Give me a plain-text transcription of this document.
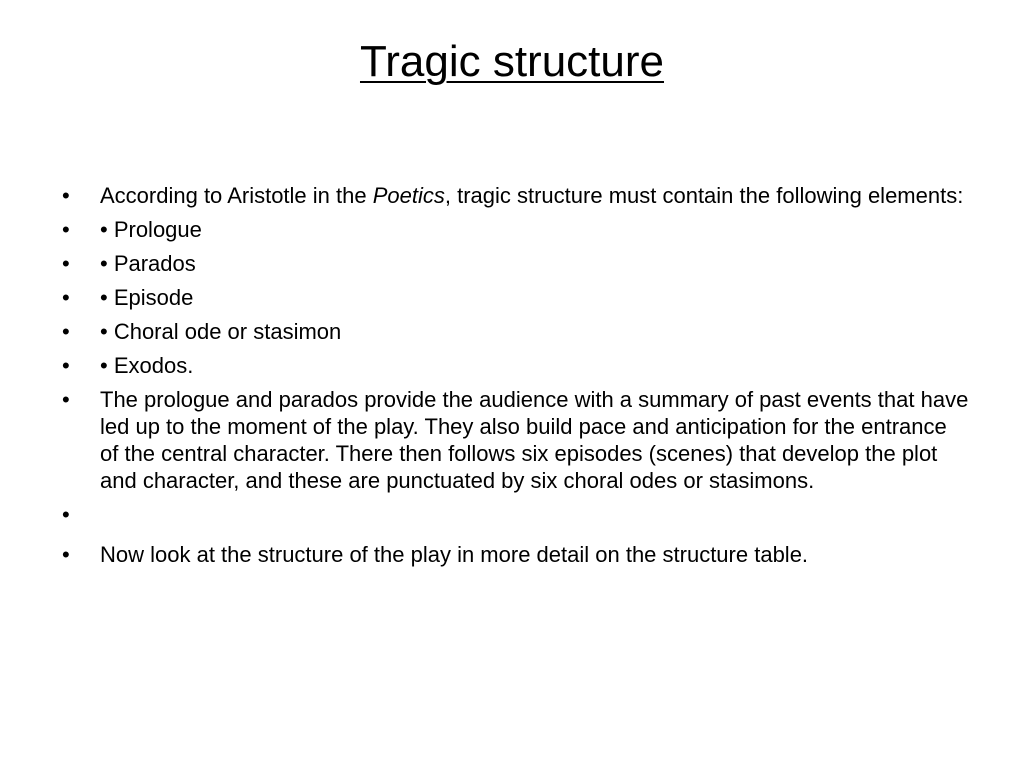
Tragic structure
•	According to Aristotle in the Poetics, tragic structure must contain the following elements:
•	• Prologue
•	• Parados
•	• Episode
•	• Choral ode or stasimon
•	• Exodos.
•	The prologue and parados provide the audience with a summary of past events that have led up to the moment of the play. They also build pace and anticipation for the entrance of the central character. There then follows six episodes (scenes) that develop the plot and character, and these are punctuated by six choral odes or stasimons.
•
•	Now look at the structure of the play in more detail on the structure table.
